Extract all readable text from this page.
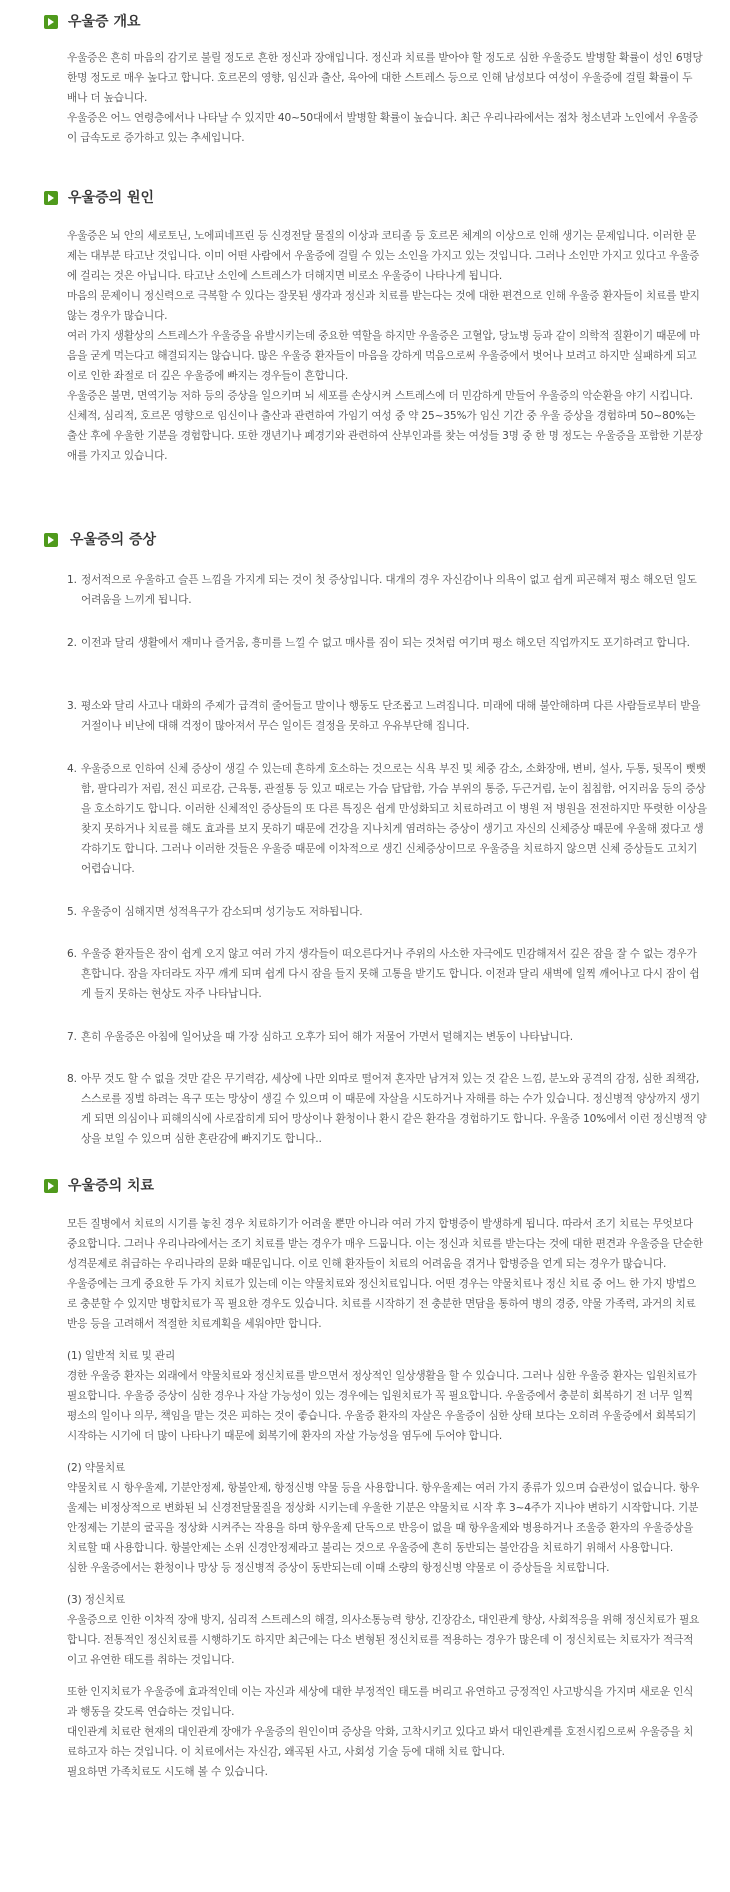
우울증 개요

우울증은 흔히 마음의 감기로 불릴 정도로 흔한 정신과 장애입니다. 정신과 치료를 받아야 할 정도로 심한 우울증도 발병할 확률이 성인 6명당 한명 정도로 매우 높다고 합니다. 호르몬의 영향, 임신과 출산, 육아에 대한 스트레스 등으로 인해 남성보다 여성이 우울증에 걸릴 확률이 두 배나 더 높습니다.

우울증은 어느 연령층에서나 나타날 수 있지만 40~50대에서 발병할 확률이 높습니다. 최근 우리나라에서는 점차 청소년과 노인에서 우울증이 급속도로 증가하고 있는 추세입니다.

우울증의 원인

우울증은 뇌 안의 세로토닌, 노에피네프린 등 신경전달 물질의 이상과 코티졸 등 호르몬 체계의 이상으로 인해 생기는 문제입니다. 이러한 문제는 대부분 타고난 것입니다. 이미 어떤 사람에서 우울증에 걸릴 수 있는 소인을 가지고 있는 것입니다. 그러나 소인만 가지고 있다고 우울증에 걸리는 것은 아닙니다. 타고난 소인에 스트레스가 더해지면 비로소 우울증이 나타나게 됩니다.

마음의 문제이니 정신력으로 극복할 수 있다는 잘못된 생각과 정신과 치료를 받는다는 것에 대한 편견으로 인해 우울증 환자들이 치료를 받지 않는 경우가 많습니다.

여러 가지 생활상의 스트레스가 우울증을 유발시키는데 중요한 역할을 하지만 우울증은 고혈압, 당뇨병 등과 같이 의학적 질환이기 때문에 마음을 굳게 먹는다고 해결되지는 않습니다. 많은 우울증 환자들이 마음을 강하게 먹음으로써 우울증에서 벗어나 보려고 하지만 실패하게 되고 이로 인한 좌절로 더 깊은 우울증에 빠지는 경우들이 흔합니다.

우울증은 불면, 면역기능 저하 등의 증상을 일으키며 뇌 세포를 손상시켜 스트레스에 더 민감하게 만들어 우울증의 악순환을 야기 시킵니다.

신체적, 심리적, 호르몬 영향으로 임신이나 출산과 관련하여 가임기 여성 중 약 25~35%가 임신 기간 중 우울 증상을 경험하며 50~80%는 출산 후에 우울한 기분을 경험합니다. 또한 갱년기나 폐경기와 관련하여 산부인과를 찾는 여성들 3명 중 한 명 정도는 우울증을 포함한 기분장애를 가지고 있습니다.

우울증의 증상
1. 정서적으로 우울하고 슬픈 느낌을 가지게 되는 것이 첫 증상입니다. 대개의 경우 자신감이나 의욕이 없고 쉽게 피곤해져 평소 해오던 일도 어려움을 느끼게 됩니다.
2. 이전과 달리 생활에서 재미나 즐거움, 흥미를 느낄 수 없고 매사를 짐이 되는 것처럼 여기며 평소 해오던 직업까지도 포기하려고 합니다.
3. 평소와 달리 사고나 대화의 주제가 급격히 줄어들고 말이나 행동도 단조롭고 느려집니다. 미래에 대해 불안해하며 다른 사람들로부터 받을 거절이나 비난에 대해 걱정이 많아져서 무슨 일이든 결정을 못하고 우유부단해 집니다.
4. 우울증으로 인하여 신체 증상이 생길 수 있는데 흔하게 호소하는 것으로는 식욕 부진 및 체중 감소, 소화장애, 변비, 설사, 두통, 뒷목이 뻣뻣함, 팔다리가 저림, 전신 피로감, 근육통, 관절통 등 있고 때로는 가슴 답답함, 가슴 부위의 통증, 두근거림, 눈이 침침함, 어지러움 등의 증상을 호소하기도 합니다. 이러한 신체적인 증상들의 또 다른 특징은 쉽게 만성화되고 치료하려고 이 병원 저 병원을 전전하지만 뚜렷한 이상을 찾지 못하거나 치료를 해도 효과를 보지 못하기 때문에 건강을 지나치게 염려하는 증상이 생기고 자신의 신체증상 때문에 우울해 졌다고 생각하기도 합니다. 그러나 이러한 것들은 우울증 때문에 이차적으로 생긴 신체증상이므로 우울증을 치료하지 않으면 신체 증상들도 고치기 어렵습니다.
5. 우울증이 심해지면 성적욕구가 감소되며 성기능도 저하됩니다.
6. 우울증 환자들은 잠이 쉽게 오지 않고 여러 가지 생각들이 떠오른다거나 주위의 사소한 자극에도 민감해져서 깊은 잠을 잘 수 없는 경우가 흔합니다. 잠을 자더라도 자꾸 깨게 되며 쉽게 다시 잠을 들지 못해 고통을 받기도 합니다. 이전과 달리 새벽에 일찍 깨어나고 다시 잠이 쉽게 들지 못하는 현상도 자주 나타납니다.
7. 흔히 우울증은 아침에 일어났을 때 가장 심하고 오후가 되어 해가 저물어 가면서 덜해지는 변동이 나타납니다.
8. 아무 것도 할 수 없을 것만 같은 무기력감, 세상에 나만 외따로 떨어져 혼자만 남겨져 있는 것 같은 느낌, 분노와 공격의 감정, 심한 죄책감, 스스로를 징벌 하려는 욕구 또는 망상이 생길 수 있으며 이 때문에 자살을 시도하거나 자해를 하는 수가 있습니다. 정신병적 양상까지 생기게 되면 의심이나 피해의식에 사로잡히게 되어 망상이나 환청이나 환시 같은 환각을 경험하기도 합니다. 우울증 10%에서 이런 정신병적 양상을 보일 수 있으며 심한 혼란감에 빠지기도 합니다..
우울증의 치료

모든 질병에서 치료의 시기를 놓친 경우 치료하기가 어려울 뿐만 아니라 여러 가지 합병증이 발생하게 됩니다. 따라서 조기 치료는 무엇보다 중요합니다. 그러나 우리나라에서는 조기 치료를 받는 경우가 매우 드뭅니다. 이는 정신과 치료를 받는다는 것에 대한 편견과 우울증을 단순한 성격문제로 취급하는 우리나라의 문화 때문입니다. 이로 인해 환자들이 치료의 어려움을 겪거나 합병증을 얻게 되는 경우가 많습니다.

우울증에는 크게 중요한 두 가지 치료가 있는데 이는 약물치료와 정신치료입니다. 어떤 경우는 약물치료나 정신 치료 중 어느 한 가지 방법으로 충분할 수 있지만 병합치료가 꼭 필요한 경우도 있습니다. 치료를 시작하기 전 충분한 면담을 통하여 병의 경중, 약물 가족력, 과거의 치료반응 등을 고려해서 적절한 치료계획을 세워야만 합니다.

(1) 일반적 치료 및 관리

경한 우울증 환자는 외래에서 약물치료와 정신치료를 받으면서 정상적인 일상생활을 할 수 있습니다. 그러나 심한 우울증 환자는 입원치료가 필요합니다. 우울증 증상이 심한 경우나 자살 가능성이 있는 경우에는 입원치료가 꼭 필요합니다. 우울증에서 충분히 회복하기 전 너무 일찍 평소의 일이나 의무, 책임을 맡는 것은 피하는 것이 좋습니다. 우울증 환자의 자살은 우울증이 심한 상태 보다는 오히려 우울증에서 회복되기 시작하는 시기에 더 많이 나타나기 때문에 회복기에 환자의 자살 가능성을 염두에 두어야 합니다.

(2) 약물치료

약물치료 시 항우울제, 기분안정제, 항불안제, 항정신병 약물 등을 사용합니다. 항우울제는 여러 가지 종류가 있으며 습관성이 없습니다. 항우울제는 비정상적으로 변화된 뇌 신경전달물질을 정상화 시키는데 우울한 기분은 약물치료 시작 후 3~4주가 지나야 변하기 시작합니다. 기분안정제는 기분의 굴곡을 정상화 시켜주는 작용을 하며 항우울제 단독으로 반응이 없을 때 항우울제와 병용하거나 조울증 환자의 우울증상을 치료할 때 사용합니다. 항불안제는 소위 신경안정제라고 불리는 것으로 우울증에 흔히 동반되는 불안감을 치료하기 위해서 사용합니다.

심한 우울증에서는 환청이나 망상 등 정신병적 증상이 동반되는데 이때 소량의 항정신병 약물로 이 증상들을 치료합니다.

(3) 정신치료

우울증으로 인한 이차적 장애 방지, 심리적 스트레스의 해결, 의사소통능력 향상, 긴장감소, 대인관계 향상, 사회적응을 위해 정신치료가 필요합니다. 전통적인 정신치료를 시행하기도 하지만 최근에는 다소 변형된 정신치료를 적용하는 경우가 많은데 이 정신치료는 치료자가 적극적이고 유연한 태도를 취하는 것입니다.

또한 인지치료가 우울증에 효과적인데 이는 자신과 세상에 대한 부정적인 태도를 버리고 유연하고 긍정적인 사고방식을 가지며 새로운 인식과 행동을 갖도록 연습하는 것입니다.

대인관계 치료란 현재의 대인관계 장애가 우울증의 원인이며 증상을 악화, 고착시키고 있다고 봐서 대인관계를 호전시킴으로써 우울증을 치료하고자 하는 것입니다. 이 치료에서는 자신감, 왜곡된 사고, 사회성 기술 등에 대해 치료 합니다.

필요하면 가족치료도 시도해 볼 수 있습니다.
